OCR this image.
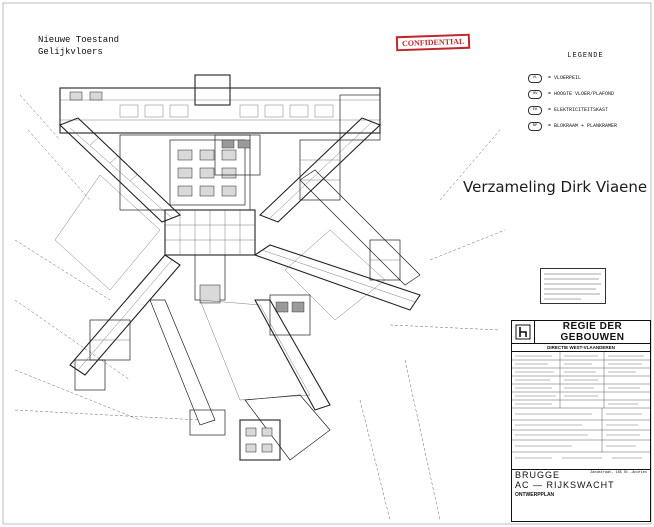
Nieuwe Toestand
Gelijkvloers
CONFIDENTIAL
LEGENDE
VL	= VLOERPEIL
HV	= HOOGTE VLOER/PLAFOND
EK	= ELEKTRICITEITSKAST
BP	= BLOKRAAM + PLANKRAMER
Verzameling Dirk Viaene
REGIE DER GEBOUWEN
DIRECTIE WEST-VLAANDEREN
BRUGGE	Zandstraat, 185 St.-Andries
AC — RIJKSWACHT
ONTWERPPLAN
